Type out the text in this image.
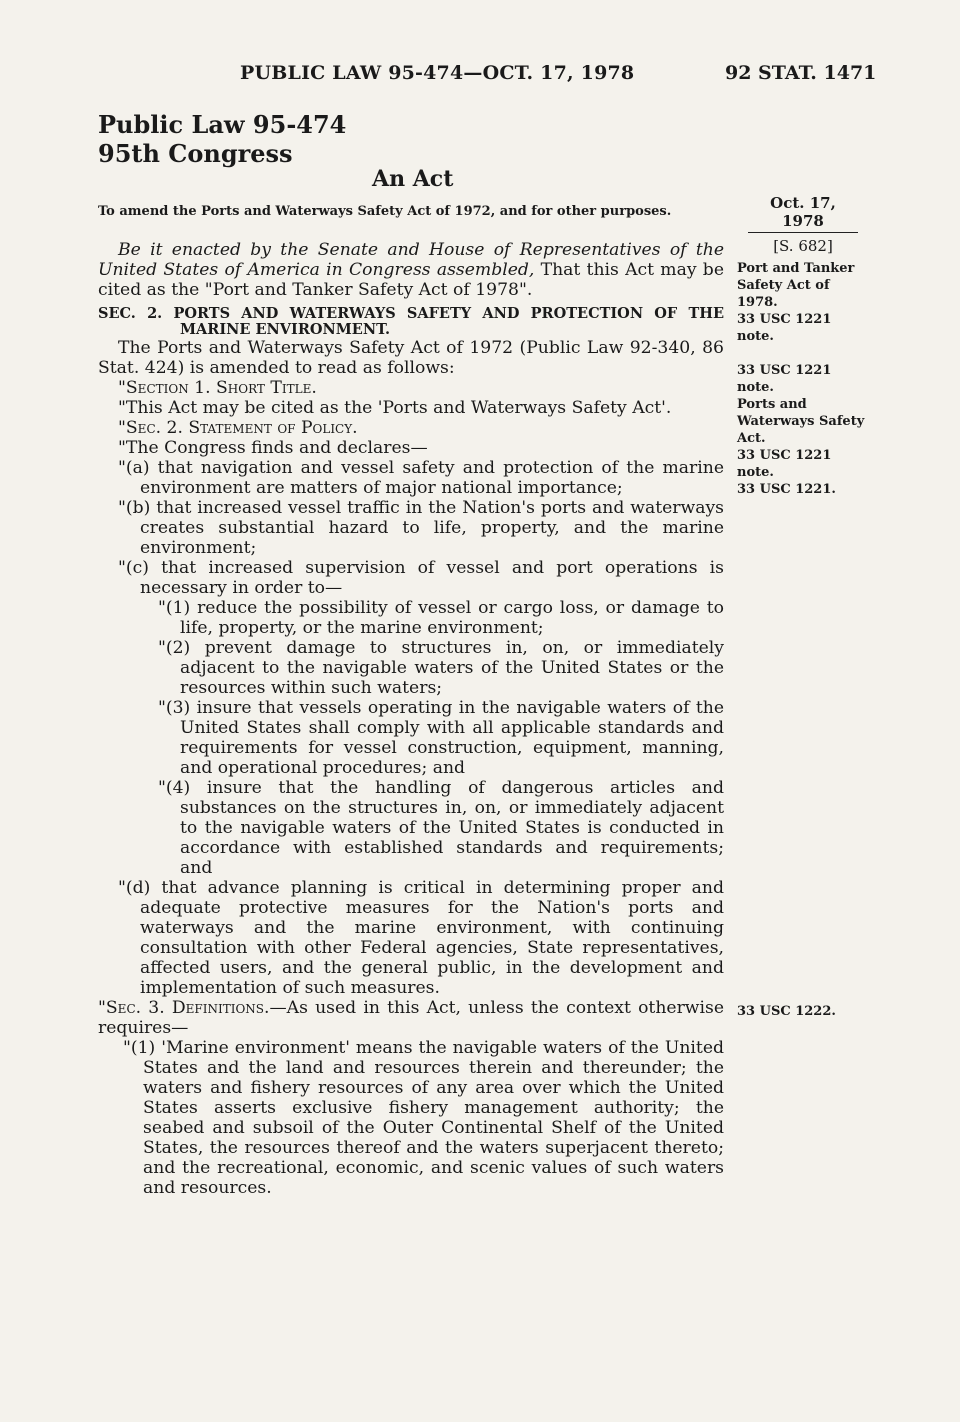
PUBLIC LAW 95-474—OCT. 17, 1978	92 STAT. 1471
Public Law 95-474
95th Congress
An Act
To amend the Ports and Waterways Safety Act of 1972, and for other purposes.	Oct. 17, 1978
[S. 682]
Port and Tanker
Safety Act of
1978.
33 USC 1221
note.
33 USC 1221
note.
Ports and
Waterways Safety
Act.
33 USC 1221
note.
33 USC 1221.
33 USC 1222.

Be it enacted by the Senate and House of Representatives of the United States of America in Congress assembled, That this Act may be cited as the "Port and Tanker Safety Act of 1978".

SEC. 2. PORTS AND WATERWAYS SAFETY AND PROTECTION OF THE MARINE ENVIRONMENT.

The Ports and Waterways Safety Act of 1972 (Public Law 92-340, 86 Stat. 424) is amended to read as follows:

"Section 1. Short Title.

"This Act may be cited as the 'Ports and Waterways Safety Act'.

"Sec. 2. Statement of Policy.

"The Congress finds and declares—

"(a) that navigation and vessel safety and protection of the marine environment are matters of major national importance;

"(b) that increased vessel traffic in the Nation's ports and waterways creates substantial hazard to life, property, and the marine environment;

"(c) that increased supervision of vessel and port operations is necessary in order to—

"(1) reduce the possibility of vessel or cargo loss, or damage to life, property, or the marine environment;

"(2) prevent damage to structures in, on, or immediately adjacent to the navigable waters of the United States or the resources within such waters;

"(3) insure that vessels operating in the navigable waters of the United States shall comply with all applicable standards and requirements for vessel construction, equipment, manning, and operational procedures; and

"(4) insure that the handling of dangerous articles and substances on the structures in, on, or immediately adjacent to the navigable waters of the United States is conducted in accordance with established standards and requirements; and

"(d) that advance planning is critical in determining proper and adequate protective measures for the Nation's ports and waterways and the marine environment, with continuing consultation with other Federal agencies, State representatives, affected users, and the general public, in the development and implementation of such measures.

"Sec. 3. Definitions.—As used in this Act, unless the context otherwise requires—

"(1) 'Marine environment' means the navigable waters of the United States and the land and resources therein and thereunder; the waters and fishery resources of any area over which the United States asserts exclusive fishery management authority; the seabed and subsoil of the Outer Continental Shelf of the United States, the resources thereof and the waters superjacent thereto; and the recreational, economic, and scenic values of such waters and resources.
